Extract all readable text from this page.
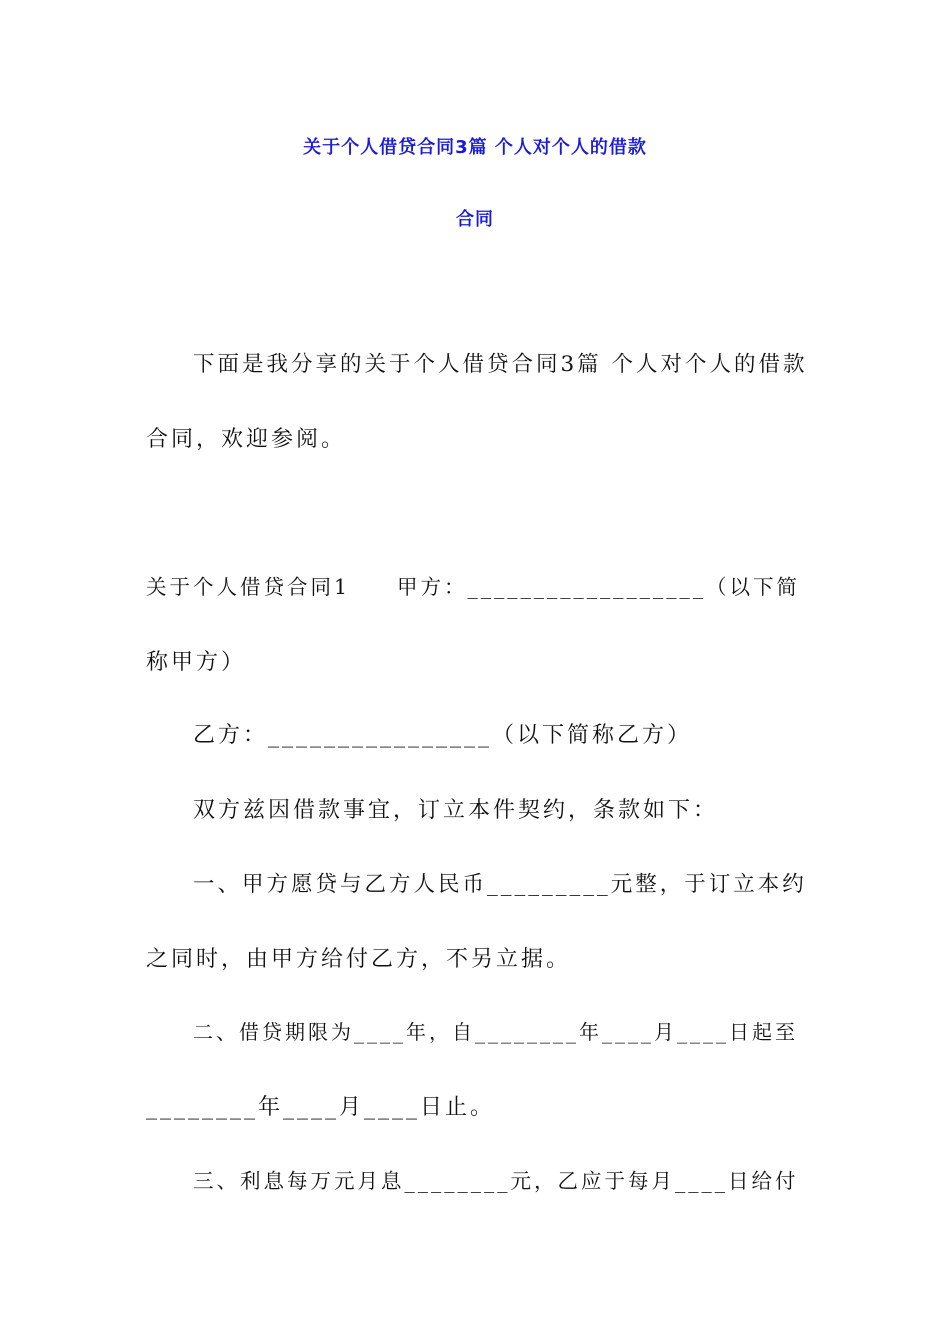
关于个人借贷合同3篇 个人对个人的借款
合同

下面是我分享的关于个人借贷合同3篇 个人对个人的借款

合同，欢迎参阅。

关于个人借贷合同1　　甲方：__________________（以下简

称甲方）

乙方：________________（以下简称乙方）

双方兹因借款事宜，订立本件契约，条款如下：

一、甲方愿贷与乙方人民币_________元整，于订立本约

之同时，由甲方给付乙方，不另立据。

二、借贷期限为____年，自________年____月____日起至

________年____月____日止。

三、利息每万元月息________元，乙应于每月____日给付
